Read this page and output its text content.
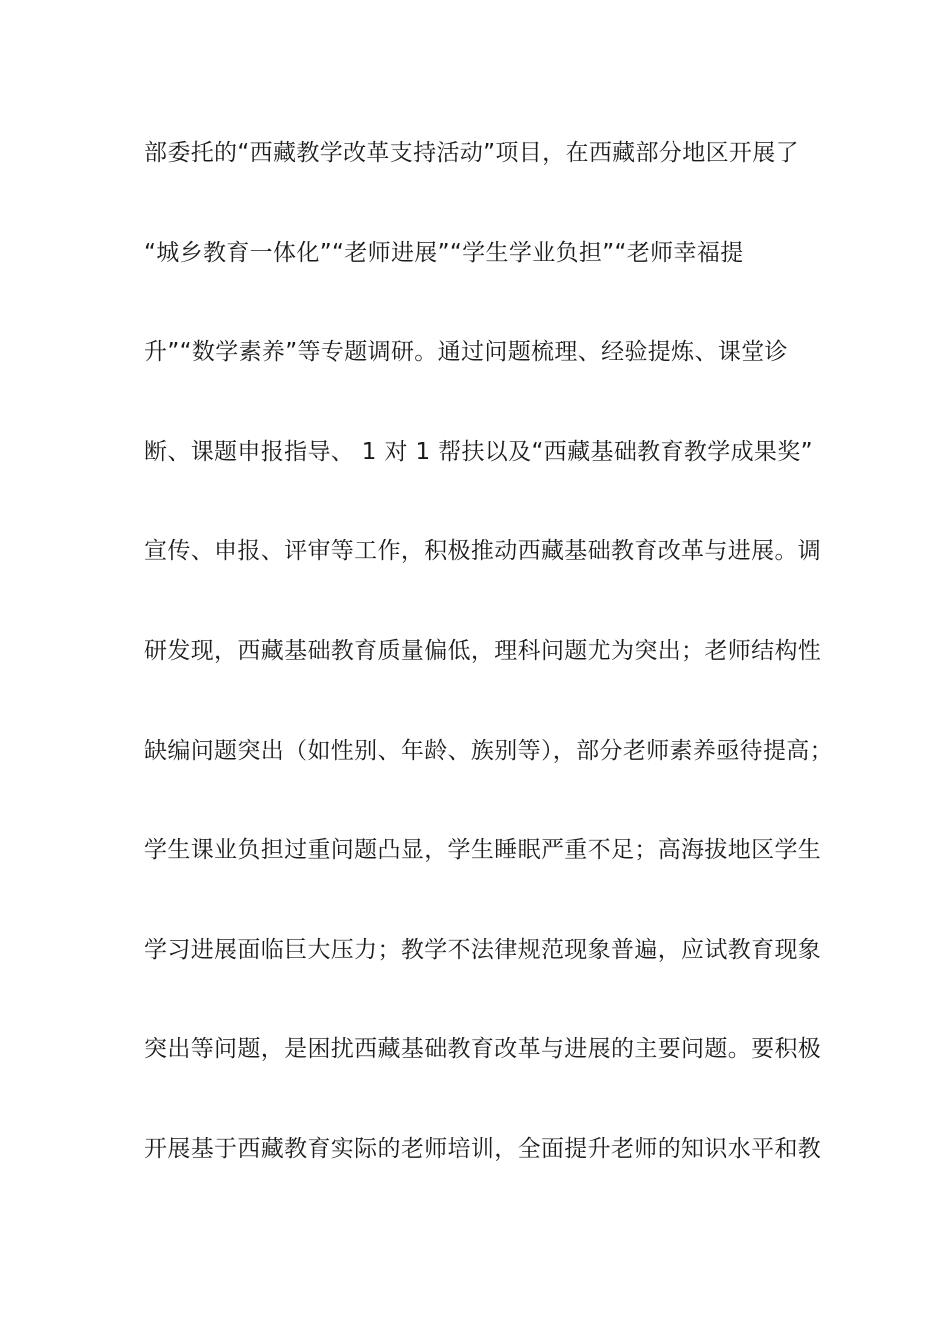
部委托的“西藏教学改革支持活动”项目，在西藏部分地区开展了
“城乡教育一体化”“老师进展”“学生学业负担”“老师幸福提
升”“数学素养”等专题调研。通过问题梳理、经验提炼、课堂诊
断、课题申报指导、 1 对 1 帮扶以及“西藏基础教育教学成果奖”
宣传、申报、评审等工作，积极推动西藏基础教育改革与进展。调
研发现，西藏基础教育质量偏低，理科问题尤为突出；老师结构性
缺编问题突出（如性别、年龄、族别等），部分老师素养亟待提高；
学生课业负担过重问题凸显，学生睡眠严重不足；高海拔地区学生
学习进展面临巨大压力；教学不法律规范现象普遍，应试教育现象
突出等问题，是困扰西藏基础教育改革与进展的主要问题。要积极
开展基于西藏教育实际的老师培训，全面提升老师的知识水平和教
